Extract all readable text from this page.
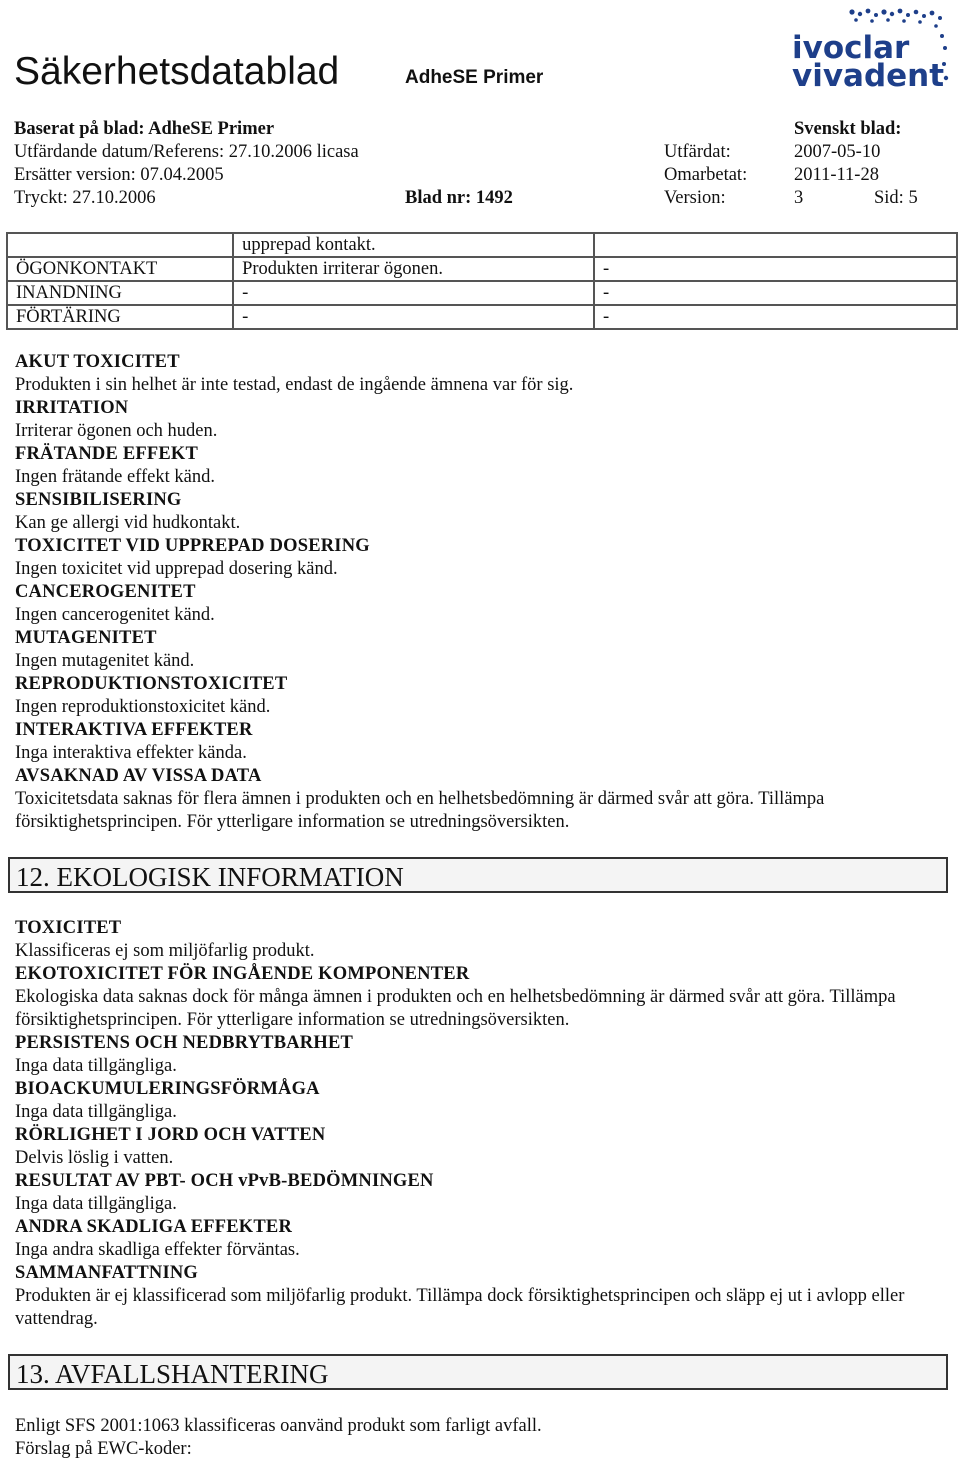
Säkerhetsdatablad	AdheSE Primer
ivoclar
vivadent
Baserat på blad: AdheSE Primer	Svenskt blad:
Utfärdande datum/Referens: 27.10.2006 licasa	Utfärdat:	2007-05-10
Ersätter version: 07.04.2005	Omarbetat:	2011-11-28
Tryckt: 27.10.2006	Blad nr: 1492	Version:	3	Sid: 5
	upprepad kontakt.	
ÖGONKONTAKT	Produkten irriterar ögonen.	-
INANDNING	-	-
FÖRTÄRING	-	-

AKUT TOXICITET

Produkten i sin helhet är inte testad, endast de ingående ämnena var för sig.

IRRITATION

Irriterar ögonen och huden.

FRÄTANDE EFFEKT

Ingen frätande effekt känd.

SENSIBILISERING

Kan ge allergi vid hudkontakt.

TOXICITET VID UPPREPAD DOSERING

Ingen toxicitet vid upprepad dosering känd.

CANCEROGENITET

Ingen cancerogenitet känd.

MUTAGENITET

Ingen mutagenitet känd.

REPRODUKTIONSTOXICITET

Ingen reproduktionstoxicitet känd.

INTERAKTIVA EFFEKTER

Inga interaktiva effekter kända.

AVSAKNAD AV VISSA DATA

Toxicitetsdata saknas för flera ämnen i produkten och en helhetsbedömning är därmed svår att göra. Tillämpa försiktighetsprincipen. För ytterligare information se utredningsöversikten.

12. EKOLOGISK INFORMATION

TOXICITET

Klassificeras ej som miljöfarlig produkt.

EKOTOXICITET FÖR INGÅENDE KOMPONENTER

Ekologiska data saknas dock för många ämnen i produkten och en helhetsbedömning är därmed svår att göra. Tillämpa försiktighetsprincipen. För ytterligare information se utredningsöversikten.

PERSISTENS OCH NEDBRYTBARHET

Inga data tillgängliga.

BIOACKUMULERINGSFÖRMÅGA

Inga data tillgängliga.

RÖRLIGHET I JORD OCH VATTEN

Delvis löslig i vatten.

RESULTAT AV PBT- OCH vPvB-BEDÖMNINGEN

Inga data tillgängliga.

ANDRA SKADLIGA EFFEKTER

Inga andra skadliga effekter förväntas.

SAMMANFATTNING

Produkten är ej klassificerad som miljöfarlig produkt. Tillämpa dock försiktighetsprincipen och släpp ej ut i avlopp eller vattendrag.

13. AVFALLSHANTERING

Enligt SFS 2001:1063 klassificeras oanvänd produkt som farligt avfall.

Förslag på EWC-koder:
